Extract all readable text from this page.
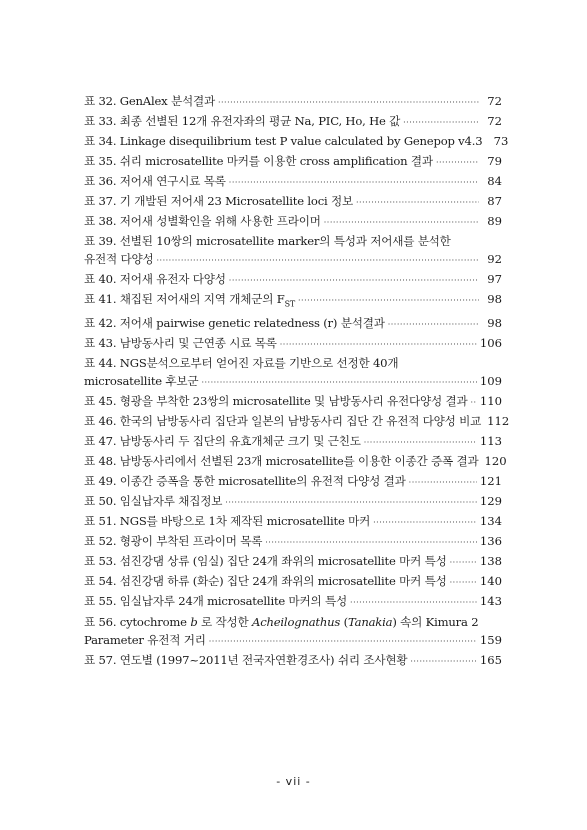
표 32. GenAlex 분석결과 ·····	72
표 33. 최종 선별된 12개 유전자좌의 평균 Na, PIC, Ho, He 값 ·····	72
표 34. Linkage disequilibrium test P value calculated by Genepop v4.3 73
표 35. 쉬리 microsatellite 마커를 이용한 cross amplification 결과 ·····	79
표 36. 저어새 연구시료 목록 ·····	84
표 37. 기 개발된 저어새 23 Microsatellite loci 정보 ·····	87
표 38. 저어새 성별확인을 위해 사용한 프라이머 ·····	89
표 39. 선별된 10쌍의 microsatellite marker의 특성과 저어새를 분석한
유전적 다양성 ·····	92
표 40. 저어새 유전자 다양성 ·····	97
표 41. 채집된 저어새의 지역 개체군의 $F_{ST}$ ·····	98
표 42. 저어새 pairwise genetic relatedness (r) 분석결과 ·····	98
표 43. 남방동사리 및 근연종 시료 목록 ·····	106
표 44. NGS분석으로부터 얻어진 자료를 기반으로 선정한 40개
microsatellite 후보군 ·····	109
표 45. 형광을 부착한 23쌍의 microsatellite 및 남방동사리 유전다양성 결과 ····· 110
표 46. 한국의 남방동사리 집단과 일본의 남방동사리 집단 간 유전적 다양성 비교 112
표 47. 남방동사리 두 집단의 유효개체군 크기 및 근친도 ·····	113
표 48. 남방동사리에서 선별된 23개 microsatellite를 이용한 이종간 증폭 결과 120
표 49. 이종간 증폭을 통한 microsatellite의 유전적 다양성 결과 ·····	121
표 50. 임실납자루 채집정보 ·····	129
표 51. NGS를 바탕으로 1차 제작된 microsatellite 마커 ·····	134
표 52. 형광이 부착된 프라이머 목록 ·····	136
표 53. 섬진강댐 상류 (임실) 집단 24개 좌위의 microsatellite 마커 특성 ·····	138
표 54. 섬진강댐 하류 (화순) 집단 24개 좌위의 microsatellite 마커 특성 ·····	140
표 55. 임실납자루 24개 microsatellite 마커의 특성 ·····	143
표 56. cytochrome b 로 작성한 Acheilognathus (Tanakia) 속의 Kimura 2
Parameter 유전적 거리 ·····	159
표 57. 연도별 (1997~2011년 전국자연환경조사) 쉬리 조사현황 ·····	165
- vii -
